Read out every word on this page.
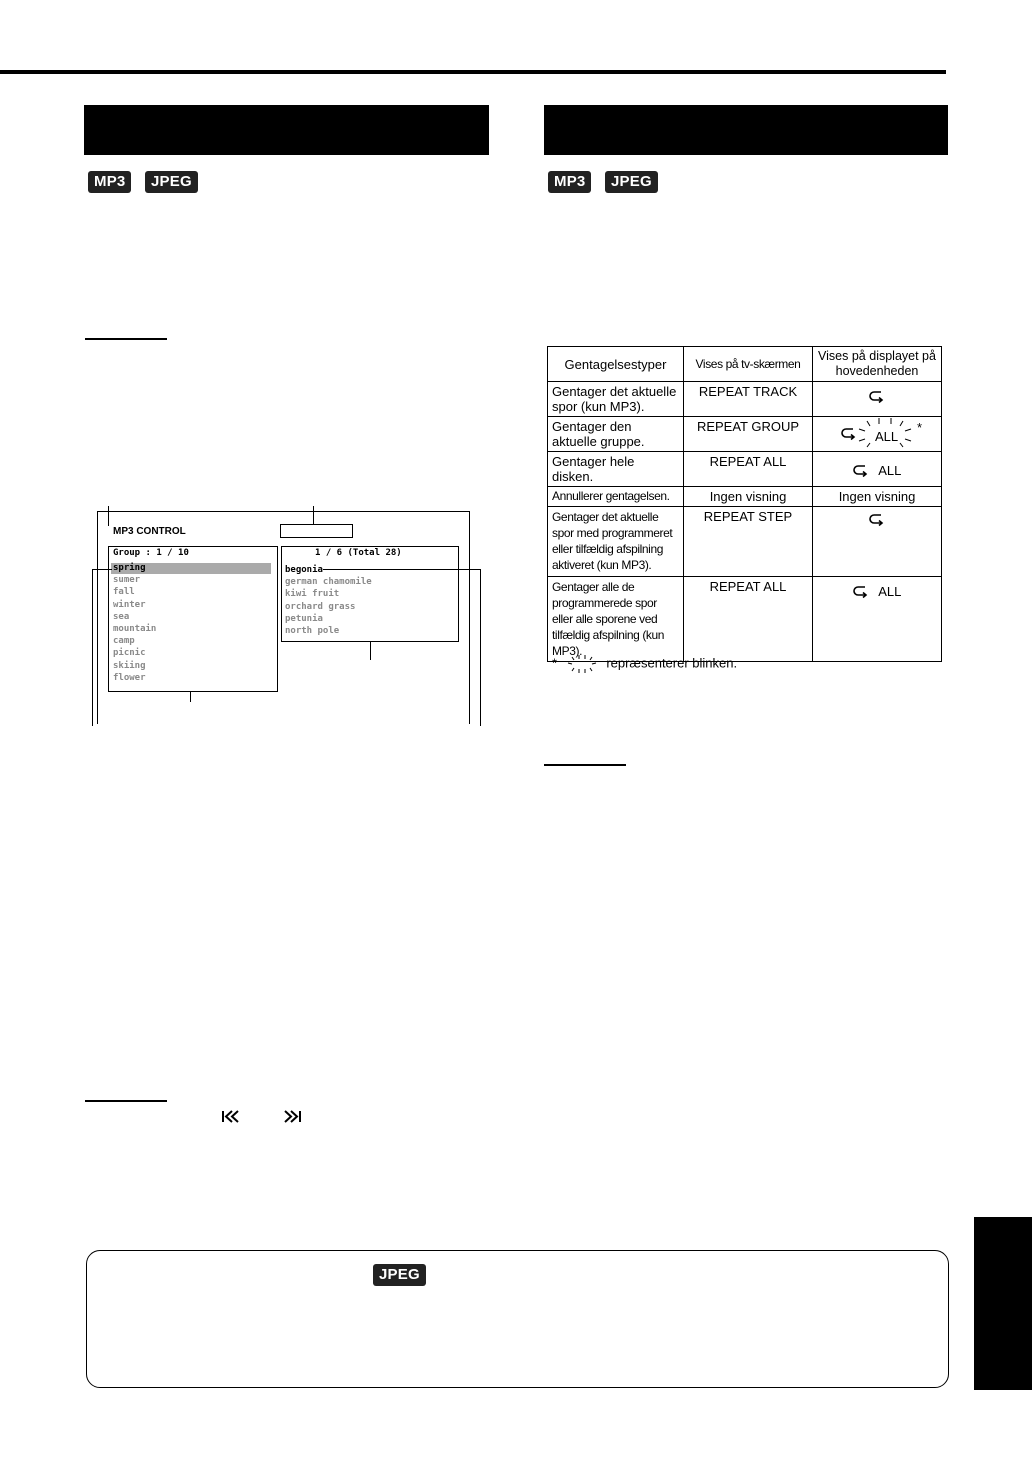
MP3	JPEG
MP3 CONTROL
Group : 1 / 10
spring
sumer
fall
winter
sea
mountain
camp
picnic
skiing
flower
1 / 6 (Total 28)
begonia
german chamomile
kiwi fruit
orchard grass
petunia
north pole
MP3	JPEG
Gentagelsestyper	Vises på tv-skærmen	Vises på displayet på hovedenheden
Gentager det aktuelle spor (kun MP3).	REPEAT TRACK	

Gentager den aktuelle gruppe.	REPEAT GROUP	ALL
*

Gentager hele disken.	REPEAT ALL	ALL

Annullerer gentagelsen.	Ingen visning	Ingen visning
Gentager det aktuelle spor med programmeret eller tilfældig afspilning aktiveret (kun MP3).	REPEAT STEP	

Gentager alle de programmerede spor eller alle sporene ved tilfældig afspilning (kun MP3).	REPEAT ALL	ALL
*	repræsenterer blinken.
JPEG
